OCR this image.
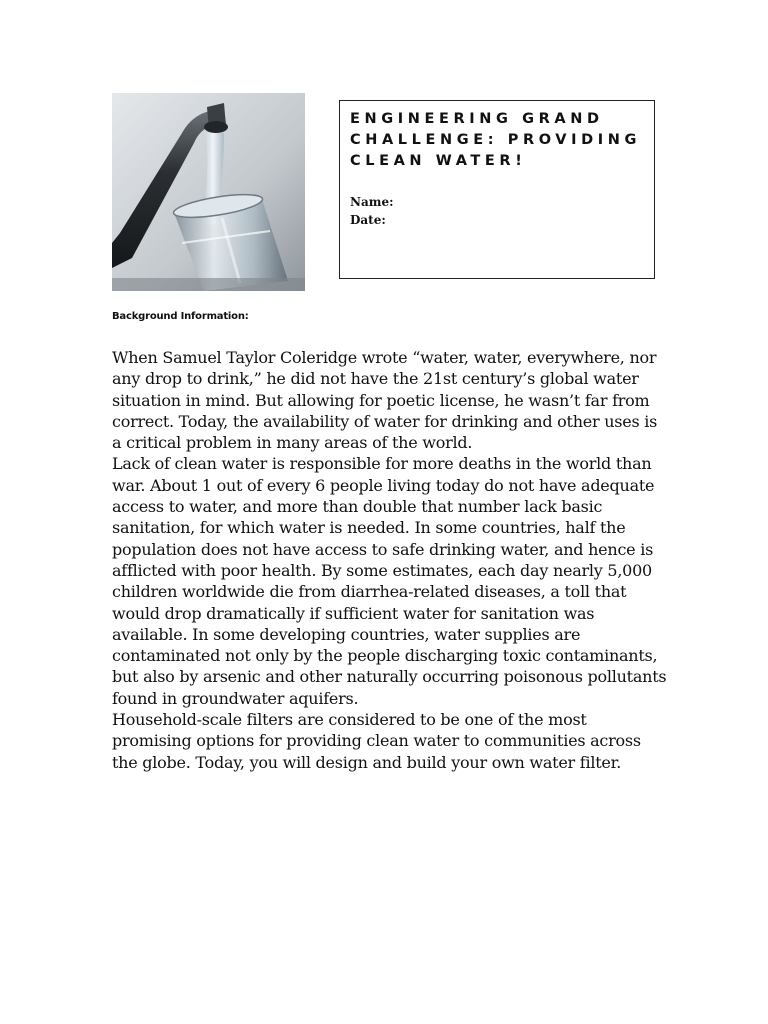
ENGINEERING GRAND CHALLENGE: PROVIDING CLEAN WATER!

Name:

Date:

Background Information:

When Samuel Taylor Coleridge wrote “water, water, everywhere, nor any drop to drink,” he did not have the 21st century’s global water situation in mind. But allowing for poetic license, he wasn’t far from correct. Today, the availability of water for drinking and other uses is a critical problem in many areas of the world.

Lack of clean water is responsible for more deaths in the world than war. About 1 out of every 6 people living today do not have adequate access to water, and more than double that number lack basic sanitation, for which water is needed. In some countries, half the population does not have access to safe drinking water, and hence is afflicted with poor health. By some estimates, each day nearly 5,000 children worldwide die from diarrhea-related diseases, a toll that would drop dramatically if sufficient water for sanitation was available. In some developing countries, water supplies are contaminated not only by the people discharging toxic contaminants, but also by arsenic and other naturally occurring poisonous pollutants found in groundwater aquifers.

Household-scale filters are considered to be one of the most promising options for providing clean water to communities across the globe. Today, you will design and build your own water filter.
